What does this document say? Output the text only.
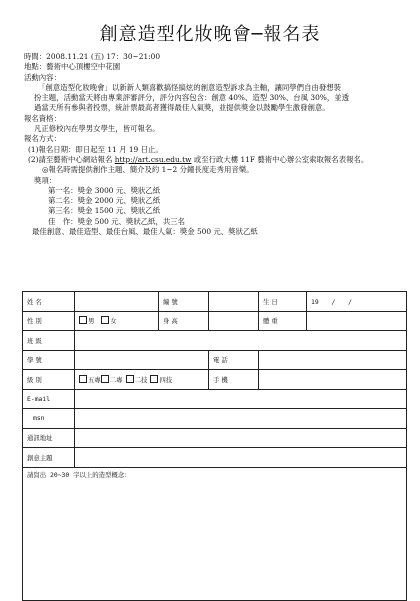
創意造型化妝晚會─報名表
時間：2008.11.21 (五) 17：30~21:00
地點：藝術中心頂樓空中花園
活動內容：
「創意造型化妝晚會」以新新人類喜歡搞怪搞炫的創意造型訴求為主軸，讓同學們自由發想裝
扮主題，活動當天將由專業評審評分，評分內容包含：創意 40%、造型 30%、台風 30%，並透
過當天所有參與者投票，統計票最高者獲得最佳人氣獎，並提供獎金以鼓勵學生激發創意。
報名資格：
凡正修校內在學男女學生，皆可報名。
報名方式：
(1)報名日期：即日起至 11 月 19 日止。
(2)請至藝術中心網站報名 http://art.csu.edu.tw 或至行政大樓 11F 藝術中心辦公室索取報名表報名。
◎報名時需提供創作主題、簡介及約 1~2 分鐘長度走秀用音樂。
獎項：
第一名：獎金 3000 元、獎狀乙紙
第二名：獎金 2000 元、獎狀乙紙
第三名：獎金 1500 元、獎狀乙紙
佳　作：獎金 500 元、獎狀乙紙，共三名
最佳創意、最佳造型、最佳台風、最佳人氣：獎金 500 元、獎狀乙紙
姓名		編號		生日	19　　/　　/
性別	男 女	身高		體重	
班級					
學號			電話		
級別	五專 二專 二技 四技		手機		
E-mail					
msn					
通訊地址					
創意主題					
請寫出 20~30 字以上的造型概念：					
